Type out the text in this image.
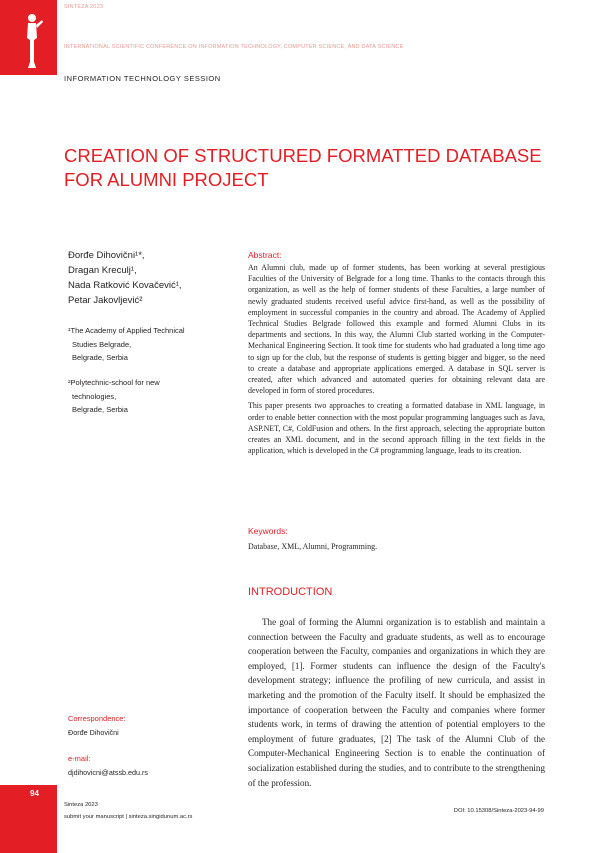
94
SINTEZA 2023
INTERNATIONAL SCIENTIFIC CONFERENCE ON INFORMATION TECHNOLOGY, COMPUTER SCIENCE, AND DATA SCIENCE
INFORMATION TECHNOLOGY SESSION
CREATION OF STRUCTURED FORMATTED DATABASE FOR ALUMNI PROJECT
Đorđe Dihovični¹*,
Dragan Kreculj¹,
Nada Ratković Kovačević¹,
Petar Jakovljević²
¹The Academy of Applied Technical
Studies Belgrade,
Belgrade, Serbia
²Polytechnic-school for new
technologies,
Belgrade, Serbia
Correspondence:
Đorđe Dihovični
e-mail:
djdihovicni@atssb.edu.rs
Abstract:

An Alumni club, made up of former students, has been working at several prestigious Faculties of the University of Belgrade for a long time. Thanks to the contacts through this organization, as well as the help of former students of these Faculties, a large number of newly graduated students received useful advice first-hand, as well as the possibility of employment in successful companies in the country and abroad. The Academy of Applied Technical Studies Belgrade followed this example and formed Alumni Clubs in its departments and sections. In this way, the Alumni Club started working in the Computer-Mechanical Engineering Section. It took time for students who had graduated a long time ago to sign up for the club, but the response of students is getting bigger and bigger, so the need to create a database and appropriate applications emerged. A database in SQL server is created, after which advanced and automated queries for obtaining relevant data are developed in form of stored procedures.

This paper presents two approaches to creating a formatted database in XML language, in order to enable better connection with the most popular programming languages such as Java, ASP.NET, C#, ColdFusion and others. In the first approach, selecting the appropriate button creates an XML document, and in the second approach filling in the text fields in the application, which is developed in the C# programming language, leads to its creation.

Keywords:
Database, XML, Alumni, Programming.
INTRODUCTION

The goal of forming the Alumni organization is to establish and maintain a connection between the Faculty and graduate students, as well as to encourage cooperation between the Faculty, companies and organizations in which they are employed, [1]. Former students can influence the design of the Faculty's development strategy; influence the profiling of new curricula, and assist in marketing and the promotion of the Faculty itself. It should be emphasized the importance of cooperation between the Faculty and companies where former students work, in terms of drawing the attention of potential employers to the employment of future graduates, [2] The task of the Alumni Club of the Computer-Mechanical Engineering Section is to enable the continuation of socialization established during the studies, and to contribute to the strengthening of the profession.

Sinteza 2023
submit your manuscript | sinteza.singidunum.ac.rs
DOI: 10.15308/Sinteza-2023-94-99
